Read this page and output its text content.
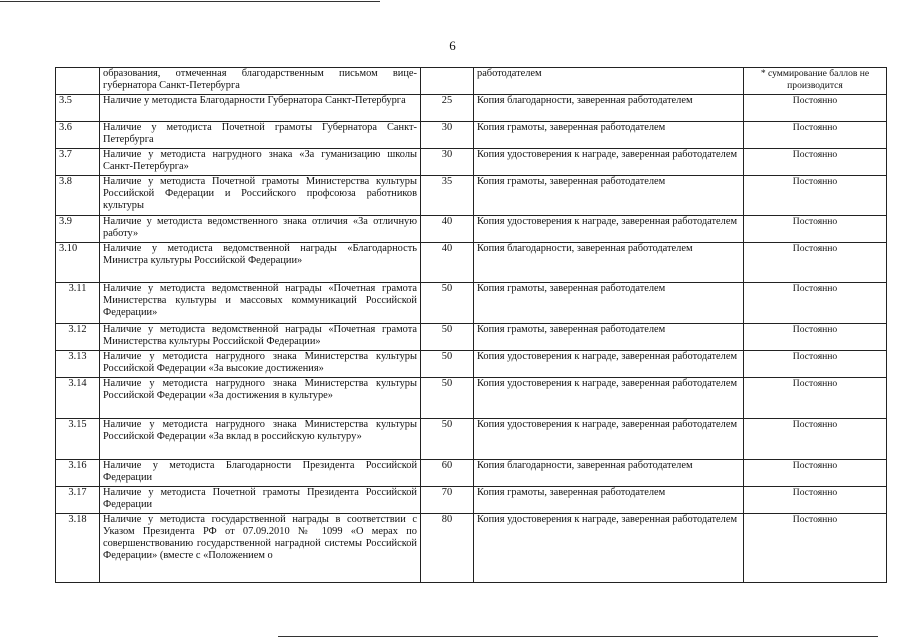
6
	образования, отмеченная благодарственным письмом вице-губернатора Санкт-Петербурга		работодателем	* суммирование баллов не производится
3.5	Наличие у методиста Благодарности Губернатора Санкт-Петербурга	25	Копия благодарности, заверенная работодателем	Постоянно
3.6	Наличие у методиста Почетной грамоты Губернатора Санкт-Петербурга	30	Копия грамоты, заверенная работодателем	Постоянно
3.7	Наличие у методиста нагрудного знака «За гуманизацию школы Санкт-Петербурга»	30	Копия удостоверения к награде, заверенная работодателем	Постоянно
3.8	Наличие у методиста Почетной грамоты Министерства культуры Российской Федерации и Российского профсоюза работников культуры	35	Копия грамоты, заверенная работодателем	Постоянно
3.9	Наличие у методиста ведомственного знака отличия «За отличную работу»	40	Копия удостоверения к награде, заверенная работодателем	Постоянно
3.10	Наличие у методиста ведомственной награды «Благодарность Министра культуры Российской Федерации»	40	Копия благодарности, заверенная работодателем	Постоянно
3.11	Наличие у методиста ведомственной награды «Почетная грамота Министерства культуры и массовых коммуникаций Российской Федерации»	50	Копия грамоты, заверенная работодателем	Постоянно
3.12	Наличие у методиста ведомственной награды «Почетная грамота Министерства культуры Российской Федерации»	50	Копия грамоты, заверенная работодателем	Постоянно
3.13	Наличие у методиста нагрудного знака Министерства культуры Российской Федерации «За высокие достижения»	50	Копия удостоверения к награде, заверенная работодателем	Постоянно
3.14	Наличие у методиста нагрудного знака Министерства культуры Российской Федерации «За достижения в культуре»	50	Копия удостоверения к награде, заверенная работодателем	Постоянно
3.15	Наличие у методиста нагрудного знака Министерства культуры Российской Федерации «За вклад в российскую культуру»	50	Копия удостоверения к награде, заверенная работодателем	Постоянно
3.16	Наличие у методиста Благодарности Президента Российской Федерации	60	Копия благодарности, заверенная работодателем	Постоянно
3.17	Наличие у методиста Почетной грамоты Президента Российской Федерации	70	Копия грамоты, заверенная работодателем	Постоянно
3.18	Наличие у методиста государственной награды в соответствии с Указом Президента РФ от 07.09.2010 № 1099 «О мерах по совершенствованию государственной наградной системы Российской Федерации» (вместе с «Положением о	80	Копия удостоверения к награде, заверенная работодателем	Постоянно
